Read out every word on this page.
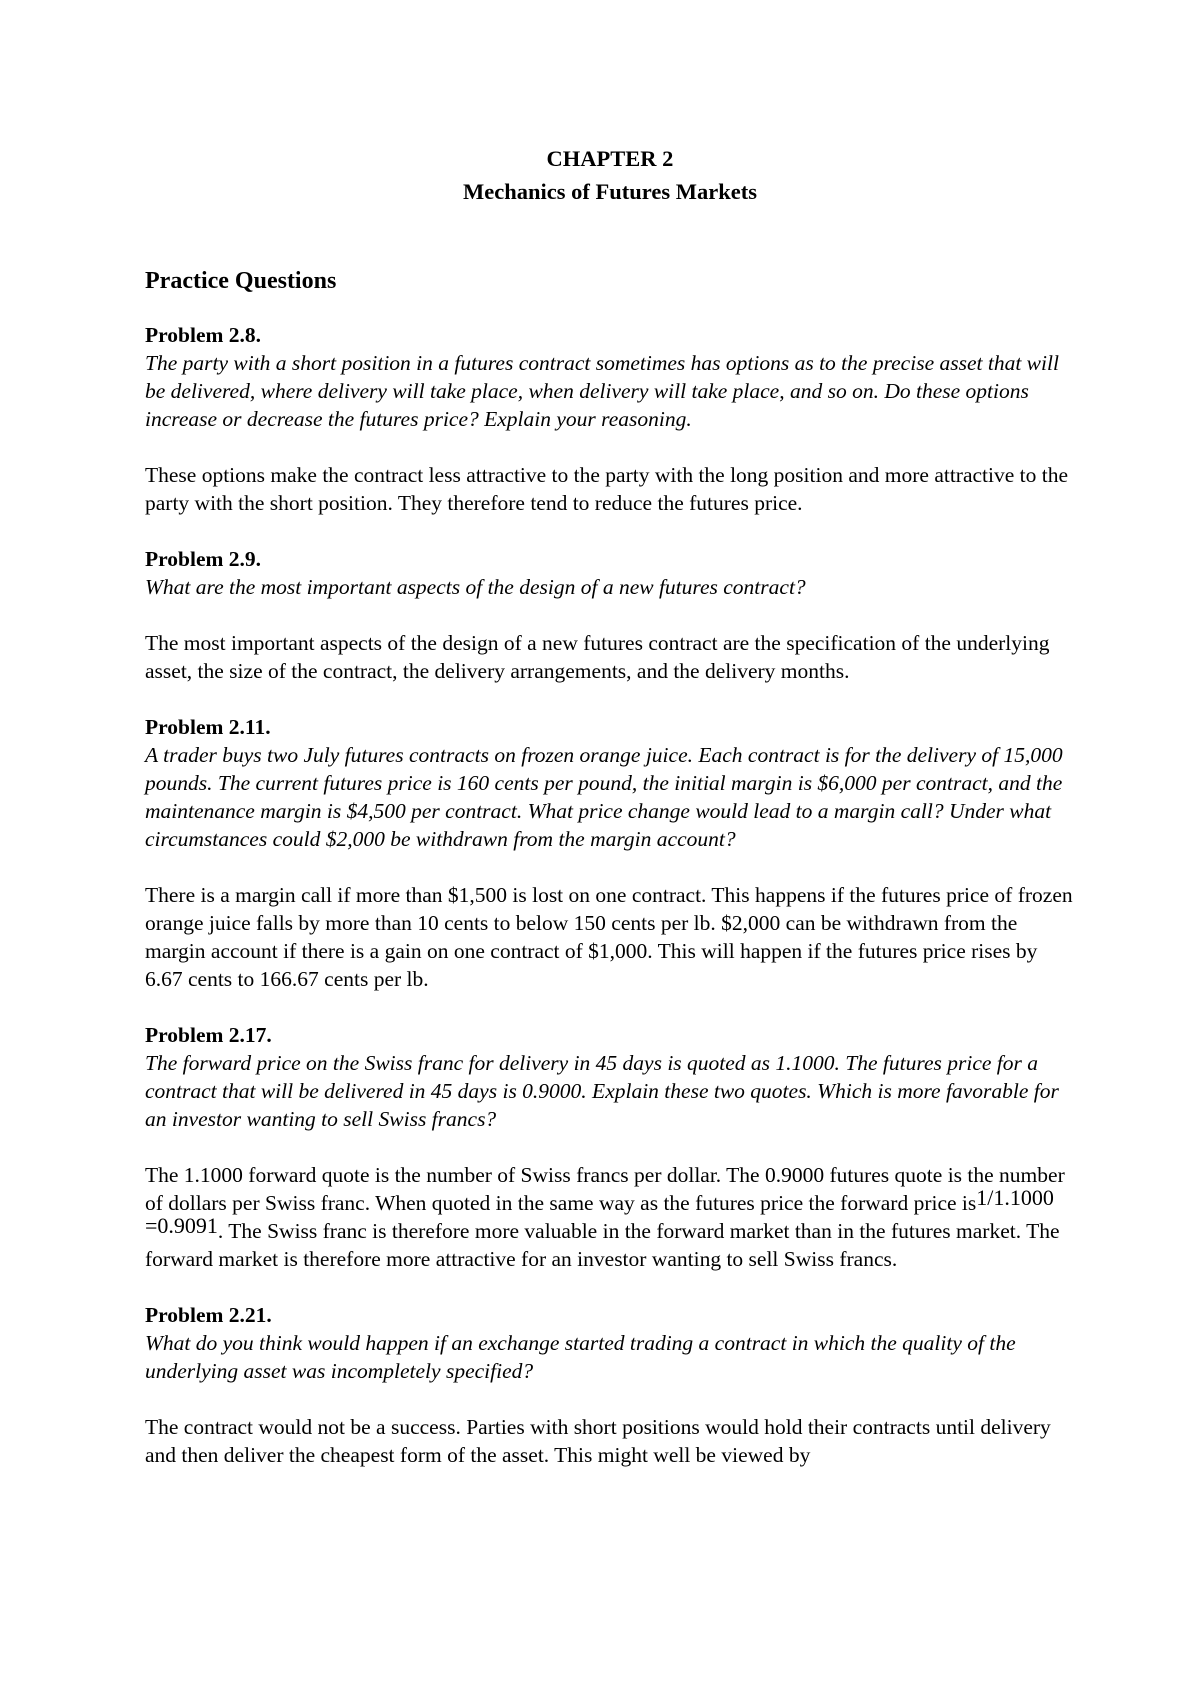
CHAPTER 2
Mechanics of Futures Markets
Practice Questions
Problem 2.8.
The party with a short position in a futures contract sometimes has options as to the precise asset that will be delivered, where delivery will take place, when delivery will take place, and so on. Do these options increase or decrease the futures price? Explain your reasoning.
These options make the contract less attractive to the party with the long position and more attractive to the party with the short position. They therefore tend to reduce the futures price.
Problem 2.9.
What are the most important aspects of the design of a new futures contract?
The most important aspects of the design of a new futures contract are the specification of the underlying asset, the size of the contract, the delivery arrangements, and the delivery months.
Problem 2.11.
A trader buys two July futures contracts on frozen orange juice. Each contract is for the delivery of 15,000 pounds. The current futures price is 160 cents per pound, the initial margin is $6,000 per contract, and the maintenance margin is $4,500 per contract. What price change would lead to a margin call? Under what circumstances could $2,000 be withdrawn from the margin account?
There is a margin call if more than $1,500 is lost on one contract. This happens if the futures price of frozen orange juice falls by more than 10 cents to below 150 cents per lb. $2,000 can be withdrawn from the margin account if there is a gain on one contract of $1,000. This will happen if the futures price rises by 6.67 cents to 166.67 cents per lb.
Problem 2.17.
The forward price on the Swiss franc for delivery in 45 days is quoted as 1.1000. The futures price for a contract that will be delivered in 45 days is 0.9000. Explain these two quotes. Which is more favorable for an investor wanting to sell Swiss francs?
The 1.1000 forward quote is the number of Swiss francs per dollar. The 0.9000 futures quote is the number of dollars per Swiss franc. When quoted in the same way as the futures price the forward price is1/1.1000 =0.9091. The Swiss franc is therefore more valuable in the forward market than in the futures market. The forward market is therefore more attractive for an investor wanting to sell Swiss francs.
Problem 2.21.
What do you think would happen if an exchange started trading a contract in which the quality of the underlying asset was incompletely specified?
The contract would not be a success. Parties with short positions would hold their contracts until delivery and then deliver the cheapest form of the asset. This might well be viewed by
